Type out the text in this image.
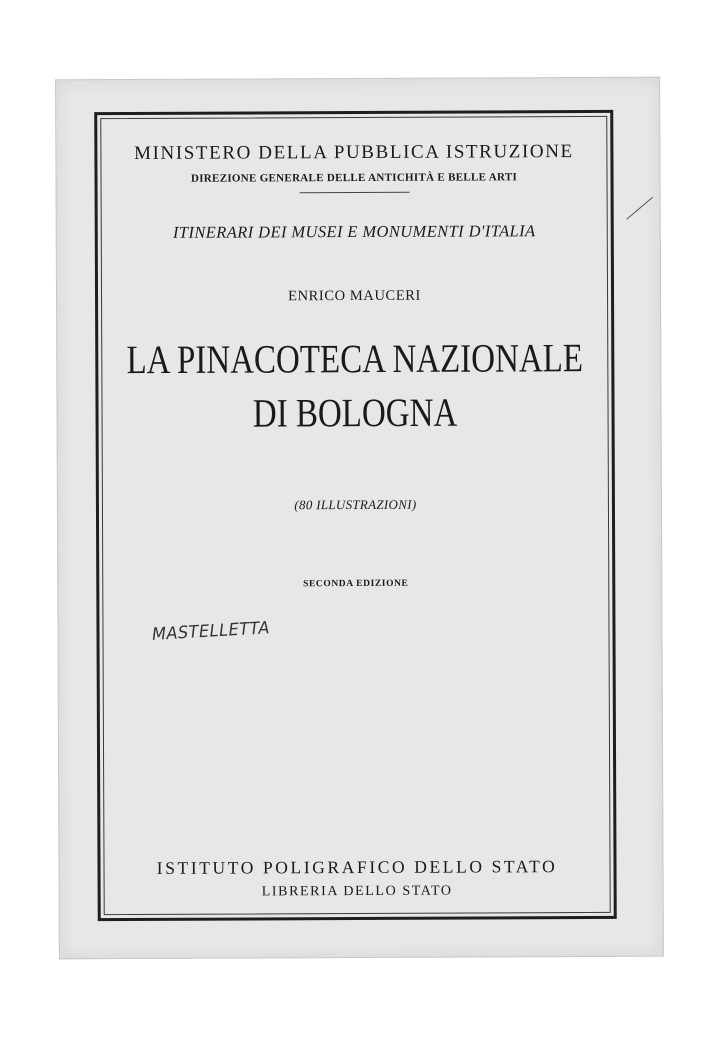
MINISTERO DELLA PUBBLICA ISTRUZIONE
DIREZIONE GENERALE DELLE ANTICHITÀ E BELLE ARTI
ITINERARI DEI MUSEI E MONUMENTI D'ITALIA
ENRICO MAUCERI
LA PINACOTECA NAZIONALE
DI BOLOGNA
(80 ILLUSTRAZIONI)
SECONDA EDIZIONE
MASTELLETTA
ISTITUTO POLIGRAFICO DELLO STATO
LIBRERIA DELLO STATO
